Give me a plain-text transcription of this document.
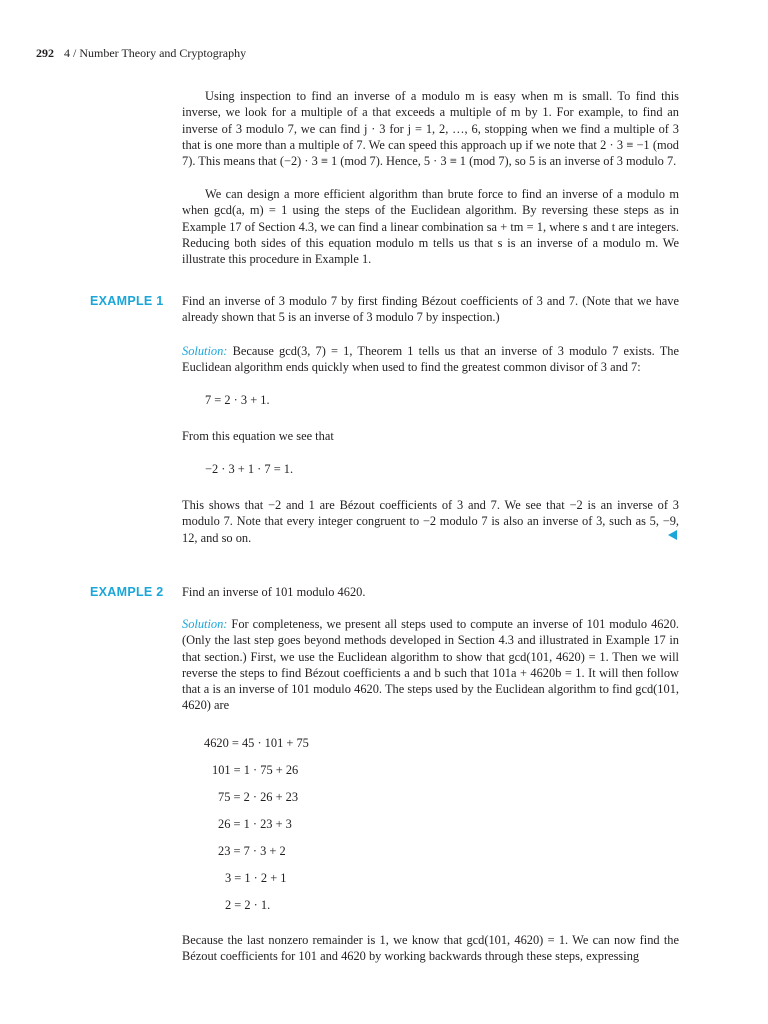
292 4 / Number Theory and Cryptography

Using inspection to find an inverse of a modulo m is easy when m is small. To find this inverse, we look for a multiple of a that exceeds a multiple of m by 1. For example, to find an inverse of 3 modulo 7, we can find j · 3 for j = 1, 2, …, 6, stopping when we find a multiple of 3 that is one more than a multiple of 7. We can speed this approach up if we note that 2 · 3 ≡ −1 (mod 7). This means that (−2) · 3 ≡ 1 (mod 7). Hence, 5 · 3 ≡ 1 (mod 7), so 5 is an inverse of 3 modulo 7.

We can design a more efficient algorithm than brute force to find an inverse of a modulo m when gcd(a, m) = 1 using the steps of the Euclidean algorithm. By reversing these steps as in Example 17 of Section 4.3, we can find a linear combination sa + tm = 1, where s and t are integers. Reducing both sides of this equation modulo m tells us that s is an inverse of a modulo m. We illustrate this procedure in Example 1.

EXAMPLE 1 Find an inverse of 3 modulo 7 by first finding Bézout coefficients of 3 and 7. (Note that we have already shown that 5 is an inverse of 3 modulo 7 by inspection.)

Solution: Because gcd(3, 7) = 1, Theorem 1 tells us that an inverse of 3 modulo 7 exists. The Euclidean algorithm ends quickly when used to find the greatest common divisor of 3 and 7:

7 = 2 · 3 + 1.

From this equation we see that

−2 · 3 + 1 · 7 = 1.

This shows that −2 and 1 are Bézout coefficients of 3 and 7. We see that −2 is an inverse of 3 modulo 7. Note that every integer congruent to −2 modulo 7 is also an inverse of 3, such as 5, −9, 12, and so on.

EXAMPLE 2 Find an inverse of 101 modulo 4620.

Solution: For completeness, we present all steps used to compute an inverse of 101 modulo 4620. (Only the last step goes beyond methods developed in Section 4.3 and illustrated in Example 17 in that section.) First, we use the Euclidean algorithm to show that gcd(101, 4620) = 1. Then we will reverse the steps to find Bézout coefficients a and b such that 101a + 4620b = 1. It will then follow that a is an inverse of 101 modulo 4620. The steps used by the Euclidean algorithm to find gcd(101, 4620) are

4620 = 45 · 101 + 75
101 = 1 · 75 + 26
75 = 2 · 26 + 23
26 = 1 · 23 + 3
23 = 7 · 3 + 2
3 = 1 · 2 + 1
2 = 2 · 1.

Because the last nonzero remainder is 1, we know that gcd(101, 4620) = 1. We can now find the Bézout coefficients for 101 and 4620 by working backwards through these steps, expressing
